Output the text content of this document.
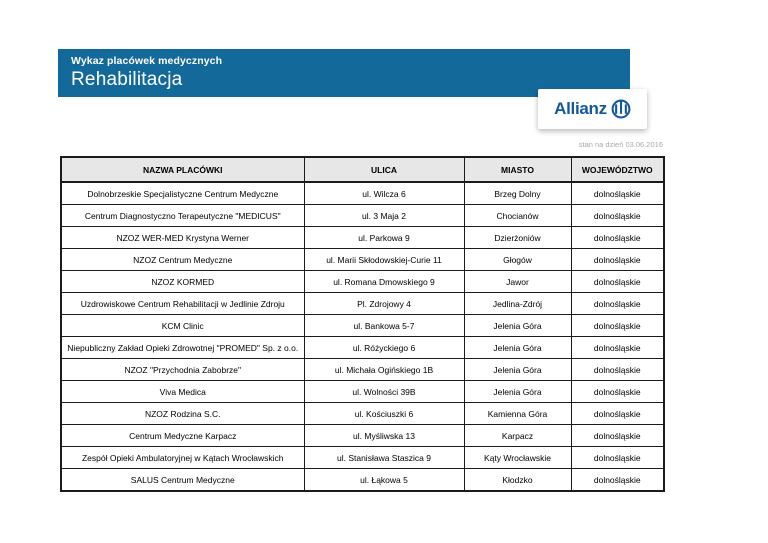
Wykaz placówek medycznych
Rehabilitacja
Allianz
stan na dzień 03.06.2016
NAZWA PLACÓWKI	ULICA	MIASTO	WOJEWÓDZTWO
Dolnobrzeskie Specjalistyczne Centrum Medyczne	ul. Wilcza 6	Brzeg Dolny	dolnośląskie
Centrum Diagnostyczno Terapeutyczne "MEDICUS"	ul. 3 Maja 2	Chocianów	dolnośląskie
NZOZ WER-MED Krystyna Werner	ul. Parkowa 9	Dzierżoniów	dolnośląskie
NZOZ Centrum Medyczne	ul. Marii Skłodowskiej-Curie 11	Głogów	dolnośląskie
NZOZ KORMED	ul. Romana Dmowskiego 9	Jawor	dolnośląskie
Uzdrowiskowe Centrum Rehabilitacji w Jedlinie Zdroju	Pl. Zdrojowy 4	Jedlina-Zdrój	dolnośląskie
KCM Clinic	ul. Bankowa 5-7	Jelenia Góra	dolnośląskie
Niepubliczny Zakład Opieki Zdrowotnej "PROMED" Sp. z o.o.	ul. Różyckiego 6	Jelenia Góra	dolnośląskie
NZOZ "Przychodnia Zabobrze"	ul. Michała Ogińskiego 1B	Jelenia Góra	dolnośląskie
Viva Medica	ul. Wolności 39B	Jelenia Góra	dolnośląskie
NZOZ Rodzina S.C.	ul. Kościuszki 6	Kamienna Góra	dolnośląskie
Centrum Medyczne Karpacz	ul. Myśliwska 13	Karpacz	dolnośląskie
Zespół Opieki Ambulatoryjnej w Kątach Wrocławskich	ul. Stanisława Staszica 9	Kąty Wrocławskie	dolnośląskie
SALUS Centrum Medyczne	ul. Łąkowa 5	Kłodzko	dolnośląskie
